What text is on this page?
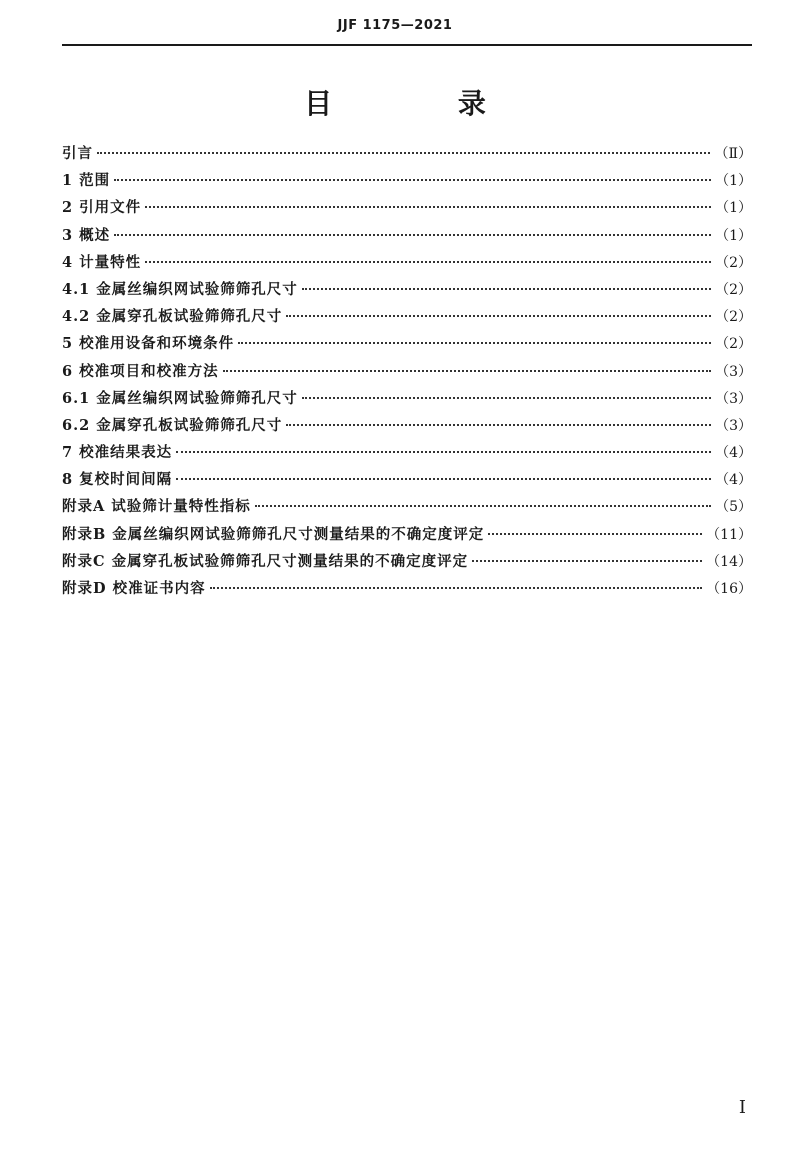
JJF 1175—2021
目 录
引言	（Ⅱ）
1 范围	（1）
2 引用文件	（1）
3 概述	（1）
4 计量特性	（2）
4.1 金属丝编织网试验筛筛孔尺寸	（2）
4.2 金属穿孔板试验筛筛孔尺寸	（2）
5 校准用设备和环境条件	（2）
6 校准项目和校准方法	（3）
6.1 金属丝编织网试验筛筛孔尺寸	（3）
6.2 金属穿孔板试验筛筛孔尺寸	（3）
7 校准结果表达	（4）
8 复校时间间隔	（4）
附录A 试验筛计量特性指标	（5）
附录B 金属丝编织网试验筛筛孔尺寸测量结果的不确定度评定	（11）
附录C 金属穿孔板试验筛筛孔尺寸测量结果的不确定度评定	（14）
附录D 校准证书内容	（16）
I
